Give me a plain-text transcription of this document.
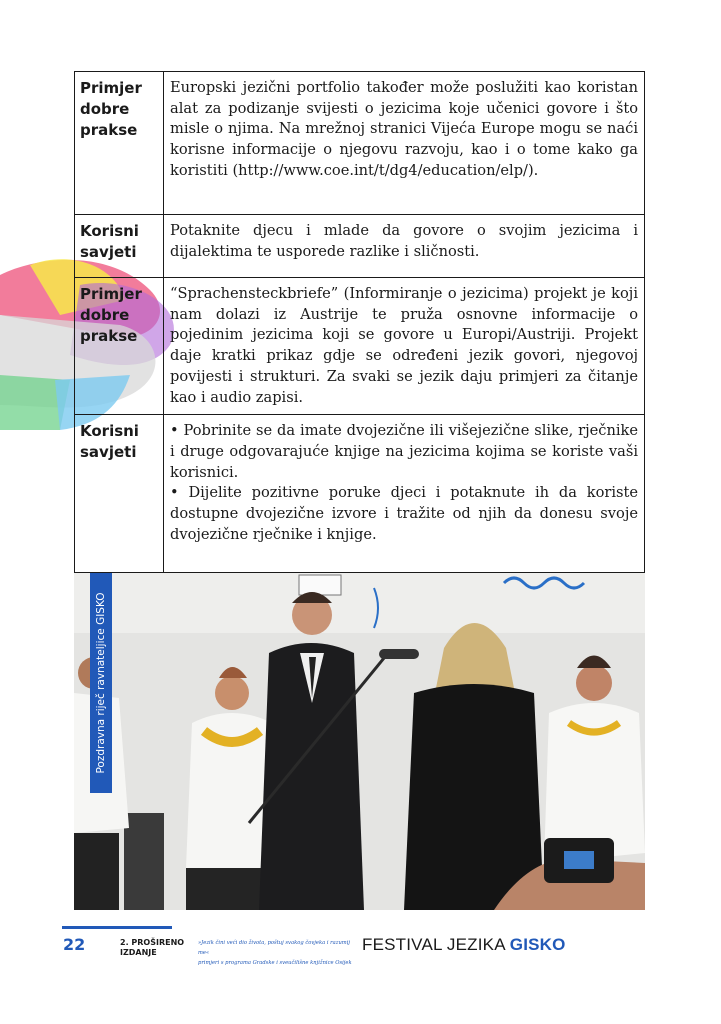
Primjer dobre prakse	Europski jezični portfolio također može poslužiti kao koristan alat za podizanje svijesti o jezicima koje učenici govore i što misle o njima. Na mrežnoj stranici Vijeća Europe mogu se naći korisne informacije o njegovu razvoju, kao i o tome kako ga koristiti (http://www.coe.int/t/dg4/education/elp/).
Korisni savjeti	Potaknite djecu i mlade da govore o svojim jezicima i dijalektima te usporede razlike i sličnosti.
Primjer dobre prakse	“Sprachensteckbriefe” (Informiranje o jezicima) projekt je koji nam dolazi iz Austrije te pruža osnovne informacije o pojedinim jezicima koji se govore u Europi/Austriji. Projekt daje kratki prikaz gdje se određeni jezik govori, njegovoj povijesti i strukturi. Za svaki se jezik daju primjeri za čitanje kao i audio zapisi.
Korisni savjeti	• Pobrinite se da imate dvojezične ili višejezične slike, rječnike i druge odgovarajuće knjige na jezicima kojima se koriste vaši korisnici.

• Dijelite pozitivne poruke djeci i potaknute ih da koriste dostupne dvojezične izvore i tražite od njih da donesu svoje dvojezične rječnike i knjige.

Pozdravna riječ ravnateljice GISKO
22	2. PROŠIRENO
IZDANJE
»Jezik čini veći dio života, poštuj svakog čovjeka i razumij me«
primjeri s programa Gradske i sveučilišne knjižnice Osijek
FESTIVAL JEZIKA GISKO
